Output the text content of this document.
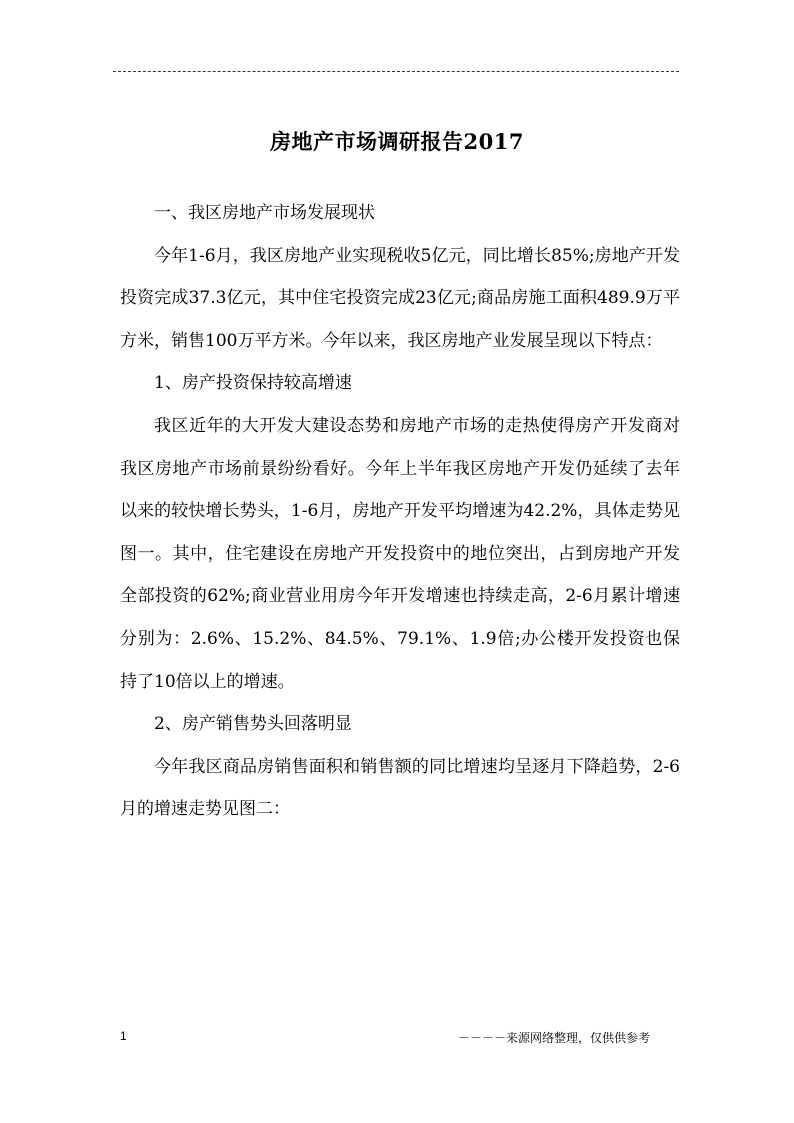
房地产市场调研报告2017

一、我区房地产市场发展现状

今年1-6月，我区房地产业实现税收5亿元，同比增长85%;房地产开发投资完成37.3亿元，其中住宅投资完成23亿元;商品房施工面积489.9万平方米，销售100万平方米。今年以来，我区房地产业发展呈现以下特点：

1、房产投资保持较高增速

我区近年的大开发大建设态势和房地产市场的走热使得房产开发商对我区房地产市场前景纷纷看好。今年上半年我区房地产开发仍延续了去年以来的较快增长势头，1-6月，房地产开发平均增速为42.2%，具体走势见图一。其中，住宅建设在房地产开发投资中的地位突出，占到房地产开发全部投资的62%;商业营业用房今年开发增速也持续走高，2-6月累计增速分别为：2.6%、15.2%、84.5%、79.1%、1.9倍;办公楼开发投资也保持了10倍以上的增速。

2、房产销售势头回落明显

今年我区商品房销售面积和销售额的同比增速均呈逐月下降趋势，2-6月的增速走势见图二：

1	－－－－来源网络整理，仅供供参考
